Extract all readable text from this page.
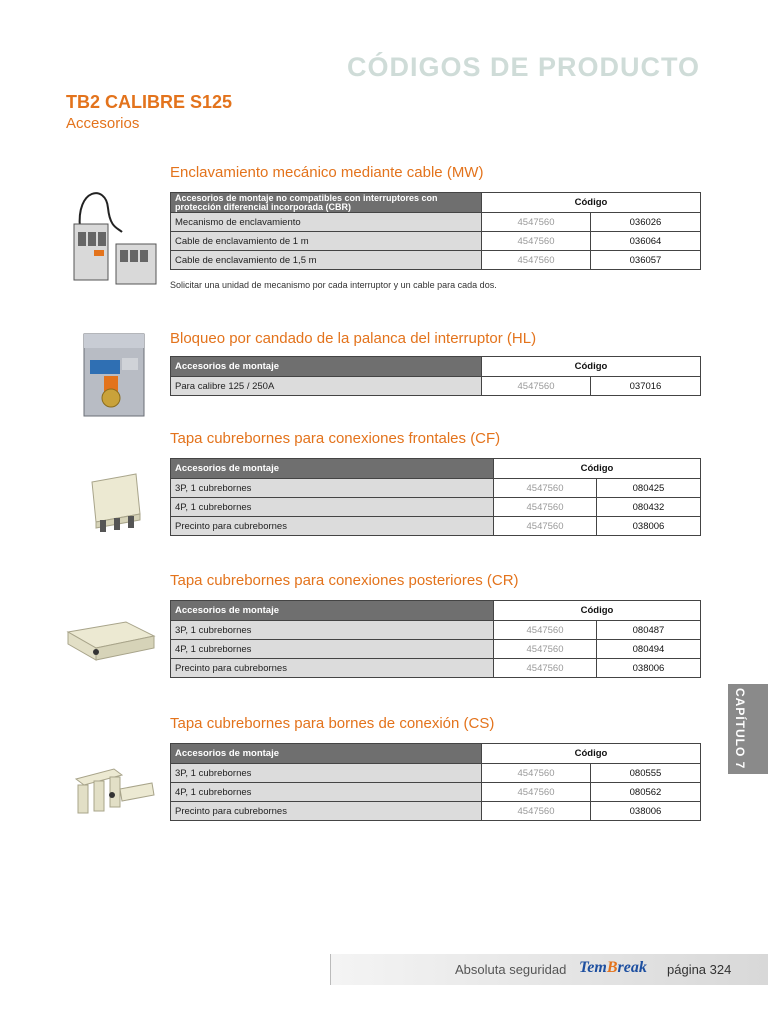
CÓDIGOS DE PRODUCTO
TB2 CALIBRE S125
Accesorios
Enclavamiento mecánico mediante cable (MW)
Accesorios de montaje no compatibles con interruptores con protección diferencial incorporada (CBR)	Código	
Mecanismo de enclavamiento	4547560	036026
Cable de enclavamiento de 1 m	4547560	036064
Cable de enclavamiento de 1,5 m	4547560	036057
Solicitar una unidad de mecanismo por cada interruptor y un cable para cada dos.
Bloqueo por candado de la palanca del interruptor (HL)
Accesorios de montaje	Código	
Para calibre 125 / 250A	4547560	037016
Tapa cubrebornes para conexiones frontales (CF)
Accesorios de montaje	Código	
3P, 1 cubrebornes	4547560	080425
4P, 1 cubrebornes	4547560	080432
Precinto para cubrebornes	4547560	038006
Tapa cubrebornes para conexiones posteriores (CR)
Accesorios de montaje	Código	
3P, 1 cubrebornes	4547560	080487
4P, 1 cubrebornes	4547560	080494
Precinto para cubrebornes	4547560	038006
Tapa cubrebornes para bornes de conexión (CS)
Accesorios de montaje	Código	
3P, 1 cubrebornes	4547560	080555
4P, 1 cubrebornes	4547560	080562
Precinto para cubrebornes	4547560	038006
CAPÍTULO 7
Absoluta seguridad TemBreak página 324
